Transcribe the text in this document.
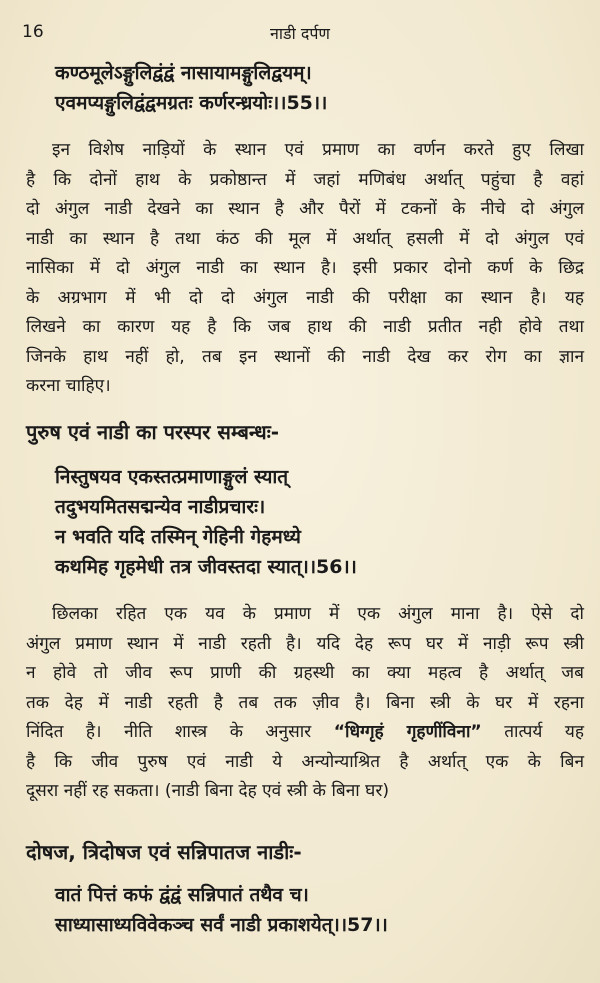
16	नाडी दर्पण
कण्ठमूलेऽङ्गुलिद्वंद्वं नासायामङ्गुलिद्वयम्।
एवमप्यङ्गुलिद्वंद्वमग्रतः कर्णरन्ध्रयोः।।55।।
इन विशेष नाड़ियों के स्थान एवं प्रमाण का वर्णन करते हुए लिखा
है कि दोनों हाथ के प्रकोष्ठान्त में जहां मणिबंध अर्थात् पहुंचा है वहां
दो अंगुल नाडी देखने का स्थान है और पैरों में टकनों के नीचे दो अंगुल
नाडी का स्थान है तथा कंठ की मूल में अर्थात् हसली में दो अंगुल एवं
नासिका में दो अंगुल नाडी का स्थान है। इसी प्रकार दोनो कर्ण के छिद्र
के अग्रभाग में भी दो दो अंगुल नाडी की परीक्षा का स्थान है। यह
लिखने का कारण यह है कि जब हाथ की नाडी प्रतीत नही होवे तथा
जिनके हाथ नहीं हो, तब इन स्थानों की नाडी देख कर रोग का ज्ञान
करना चाहिए।
पुरुष एवं नाडी का परस्पर सम्बन्धः-
निस्तुषयव एकस्तत्प्रमाणाङ्गुलं स्यात्
तदुभयमितसद्मन्येव नाडीप्रचारः।
न भवति यदि तस्मिन् गेहिनी गेहमध्ये
कथमिह गृहमेधी तत्र जीवस्तदा स्यात्।।56।।
छिलका रहित एक यव के प्रमाण में एक अंगुल माना है। ऐसे दो
अंगुल प्रमाण स्थान में नाडी रहती है। यदि देह रूप घर में नाड़ी रूप स्त्री
न होवे तो जीव रूप प्राणी की ग्रहस्थी का क्या महत्व है अर्थात् जब
तक देह में नाडी रहती है तब तक ज़ीव है। बिना स्त्री के घर में रहना
निंदित है। नीति शास्त्र के अनुसार “धिग्गृहं गृहणींविना” तात्पर्य यह
है कि जीव पुरुष एवं नाडी ये अन्योन्याश्रित है अर्थात् एक के बिन
दूसरा नहीं रह सकता। (नाडी बिना देह एवं स्त्री के बिना घर)
दोषज, त्रिदोषज एवं सन्निपातज नाडीः-
वातं पित्तं कफं द्वंद्वं सन्निपातं तथैव च।
साध्यासाध्यविवेकञ्च सर्वं नाडी प्रकाशयेत्।।57।।
